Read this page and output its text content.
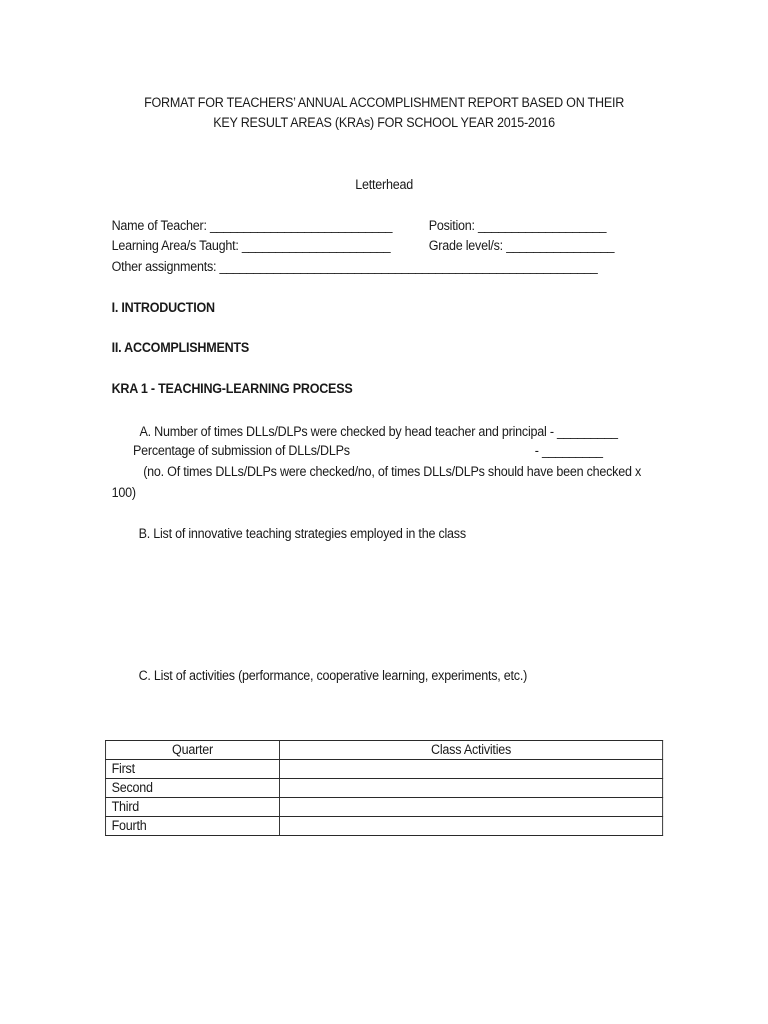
FORMAT FOR TEACHERS’ ANNUAL ACCOMPLISHMENT REPORT BASED ON THEIR
KEY RESULT AREAS (KRAs) FOR SCHOOL YEAR 2015-2016
Letterhead
Name of Teacher: ___________________________	Position: ___________________
Learning Area/s Taught: ______________________	Grade level/s: ________________
Other assignments: ________________________________________________________
I. INTRODUCTION
II. ACCOMPLISHMENTS
KRA 1 - TEACHING-LEARNING PROCESS
A. Number of times DLLs/DLPs were checked by head teacher and principal - _________
Percentage of submission of DLLs/DLPs	- _________
(no. Of times DLLs/DLPs were checked/no, of times DLLs/DLPs should have been checked x
100)
B. List of innovative teaching strategies employed in the class
C. List of activities (performance, cooperative learning, experiments, etc.)
Quarter	Class Activities
First	
Second	
Third	
Fourth	
